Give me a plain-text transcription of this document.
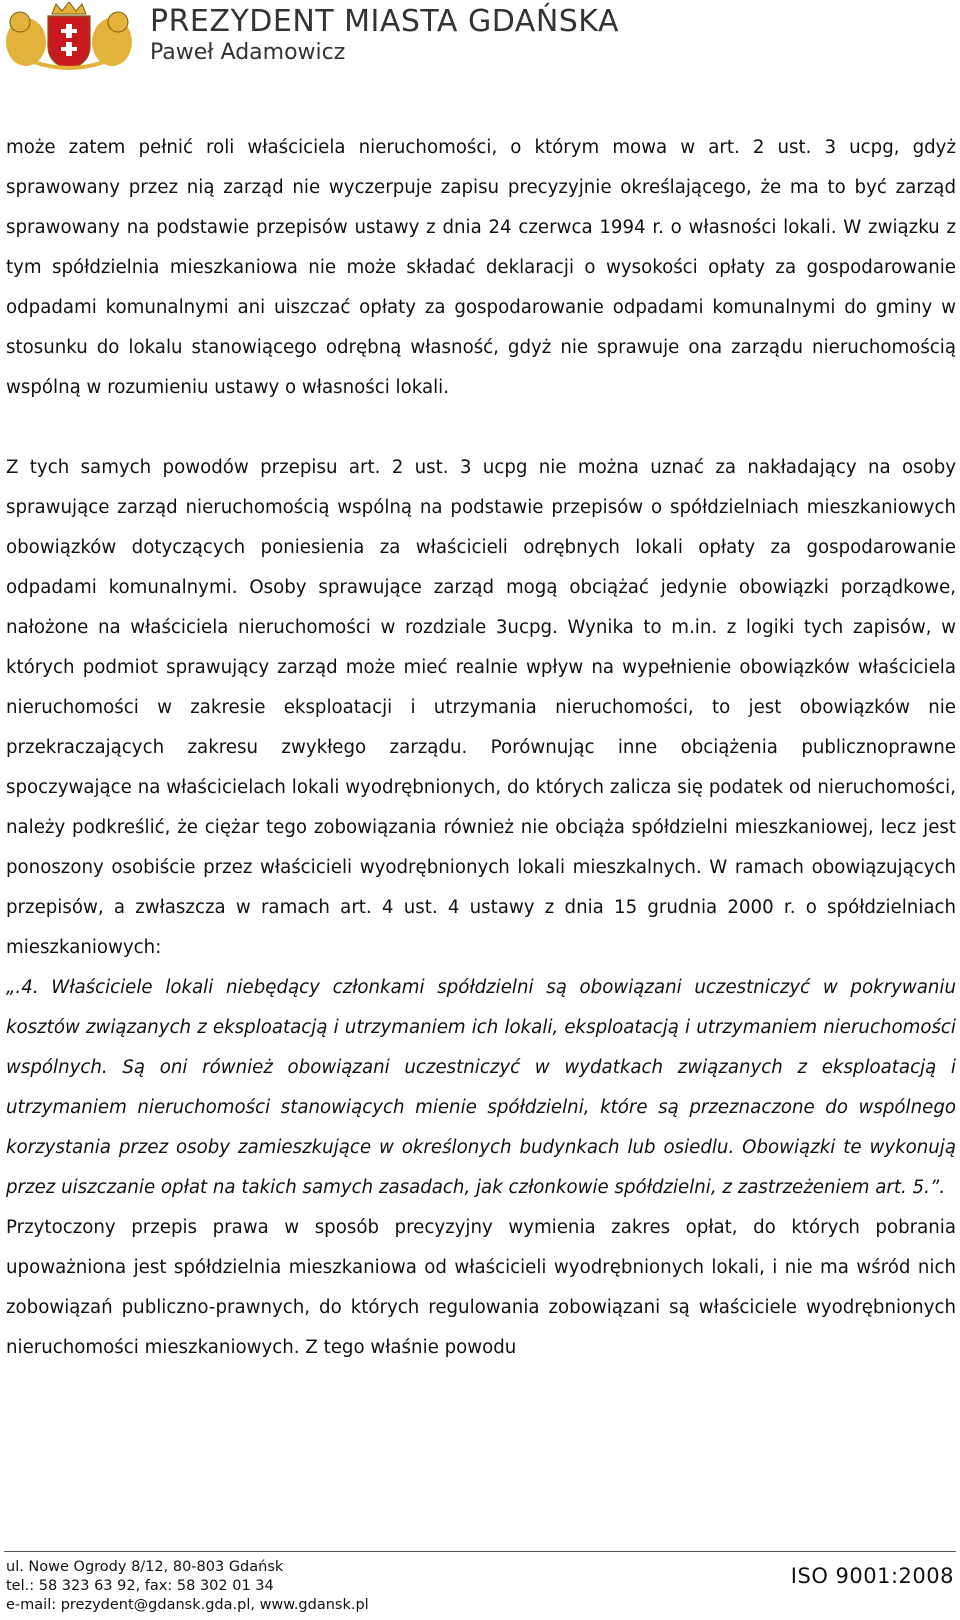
PREZYDENT MIASTA GDAŃSKA
Paweł Adamowicz

może zatem pełnić roli właściciela nieruchomości, o którym mowa w art. 2 ust. 3 ucpg, gdyż sprawowany przez nią zarząd nie wyczerpuje zapisu precyzyjnie określającego, że ma to być zarząd sprawowany na podstawie przepisów ustawy z dnia 24 czerwca 1994 r. o własności lokali. W związku z tym spółdzielnia mieszkaniowa nie może składać deklaracji o wysokości opłaty za gospodarowanie odpadami komunalnymi ani uiszczać opłaty za gospodarowanie odpadami komunalnymi do gminy w stosunku do lokalu stanowiącego odrębną własność, gdyż nie sprawuje ona zarządu nieruchomością wspólną w rozumieniu ustawy o własności lokali.

Z tych samych powodów przepisu art. 2 ust. 3 ucpg nie można uznać za nakładający na osoby sprawujące zarząd nieruchomością wspólną na podstawie przepisów o spółdzielniach mieszkaniowych obowiązków dotyczących poniesienia za właścicieli odrębnych lokali opłaty za gospodarowanie odpadami komunalnymi. Osoby sprawujące zarząd mogą obciążać jedynie obowiązki porządkowe, nałożone na właściciela nieruchomości w rozdziale 3ucpg. Wynika to m.in. z logiki tych zapisów, w których podmiot sprawujący zarząd może mieć realnie wpływ na wypełnienie obowiązków właściciela nieruchomości w zakresie eksploatacji i utrzymania nieruchomości, to jest obowiązków nie przekraczających zakresu zwykłego zarządu. Porównując inne obciążenia publicznoprawne spoczywające na właścicielach lokali wyodrębnionych, do których zalicza się podatek od nieruchomości, należy podkreślić, że ciężar tego zobowiązania również nie obciąża spółdzielni mieszkaniowej, lecz jest ponoszony osobiście przez właścicieli wyodrębnionych lokali mieszkalnych. W ramach obowiązujących przepisów, a zwłaszcza w ramach art. 4 ust. 4 ustawy z dnia 15 grudnia 2000 r. o spółdzielniach mieszkaniowych:

„.4. Właściciele lokali niebędący członkami spółdzielni są obowiązani uczestniczyć w pokrywaniu kosztów związanych z eksploatacją i utrzymaniem ich lokali, eksploatacją i utrzymaniem nieruchomości wspólnych. Są oni również obowiązani uczestniczyć w wydatkach związanych z eksploatacją i utrzymaniem nieruchomości stanowiących mienie spółdzielni, które są przeznaczone do wspólnego korzystania przez osoby zamieszkujące w określonych budynkach lub osiedlu. Obowiązki te wykonują przez uiszczanie opłat na takich samych zasadach, jak członkowie spółdzielni, z zastrzeżeniem art. 5.”.

Przytoczony przepis prawa w sposób precyzyjny wymienia zakres opłat, do których pobrania upoważniona jest spółdzielnia mieszkaniowa od właścicieli wyodrębnionych lokali, i nie ma wśród nich zobowiązań publiczno-prawnych, do których regulowania zobowiązani są właściciele wyodrębnionych nieruchomości mieszkaniowych. Z tego właśnie powodu

ul. Nowe Ogrody 8/12, 80-803 Gdańsk
tel.: 58 323 63 92, fax: 58 302 01 34
e-mail: prezydent@gdansk.gda.pl, www.gdansk.pl
ISO 9001:2008
